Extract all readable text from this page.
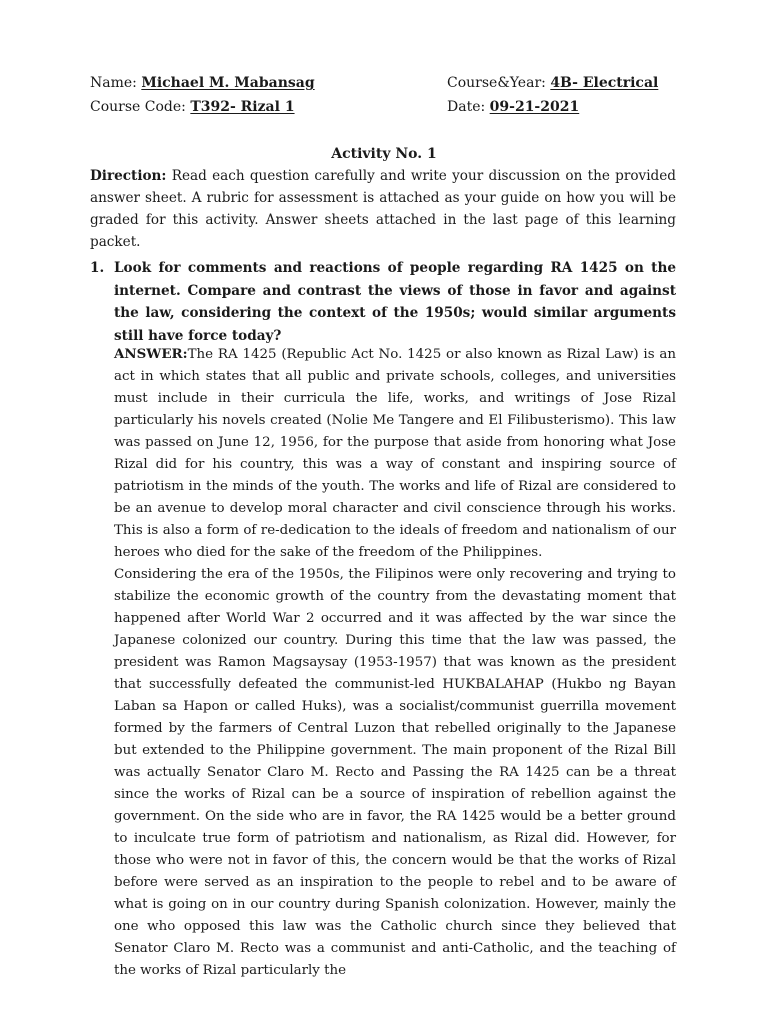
Name: Michael M. Mabansag	Course&Year: 4B- Electrical
Course Code: T392- Rizal 1	Date: 09-21-2021
Activity No. 1
Direction: Read each question carefully and write your discussion on the provided answer sheet. A rubric for assessment is attached as your guide on how you will be graded for this activity. Answer sheets attached in the last page of this learning packet.
1. Look for comments and reactions of people regarding RA 1425 on the internet. Compare and contrast the views of those in favor and against the law, considering the context of the 1950s; would similar arguments still have force today?

ANSWER:The RA 1425 (Republic Act No. 1425 or also known as Rizal Law) is an act in which states that all public and private schools, colleges, and universities must include in their curricula the life, works, and writings of Jose Rizal particularly his novels created (Nolie Me Tangere and El Filibusterismo). This law was passed on June 12, 1956, for the purpose that aside from honoring what Jose Rizal did for his country, this was a way of constant and inspiring source of patriotism in the minds of the youth. The works and life of Rizal are considered to be an avenue to develop moral character and civil conscience through his works. This is also a form of re-dedication to the ideals of freedom and nationalism of our heroes who died for the sake of the freedom of the Philippines.

Considering the era of the 1950s, the Filipinos were only recovering and trying to stabilize the economic growth of the country from the devastating moment that happened after World War 2 occurred and it was affected by the war since the Japanese colonized our country. During this time that the law was passed, the president was Ramon Magsaysay (1953-1957) that was known as the president that successfully defeated the communist-led HUKBALAHAP (Hukbo ng Bayan Laban sa Hapon or called Huks), was a socialist/communist guerrilla movement formed by the farmers of Central Luzon that rebelled originally to the Japanese but extended to the Philippine government. The main proponent of the Rizal Bill was actually Senator Claro M. Recto and Passing the RA 1425 can be a threat since the works of Rizal can be a source of inspiration of rebellion against the government. On the side who are in favor, the RA 1425 would be a better ground to inculcate true form of patriotism and nationalism, as Rizal did. However, for those who were not in favor of this, the concern would be that the works of Rizal before were served as an inspiration to the people to rebel and to be aware of what is going on in our country during Spanish colonization. However, mainly the one who opposed this law was the Catholic church since they believed that Senator Claro M. Recto was a communist and anti-Catholic, and the teaching of the works of Rizal particularly the
